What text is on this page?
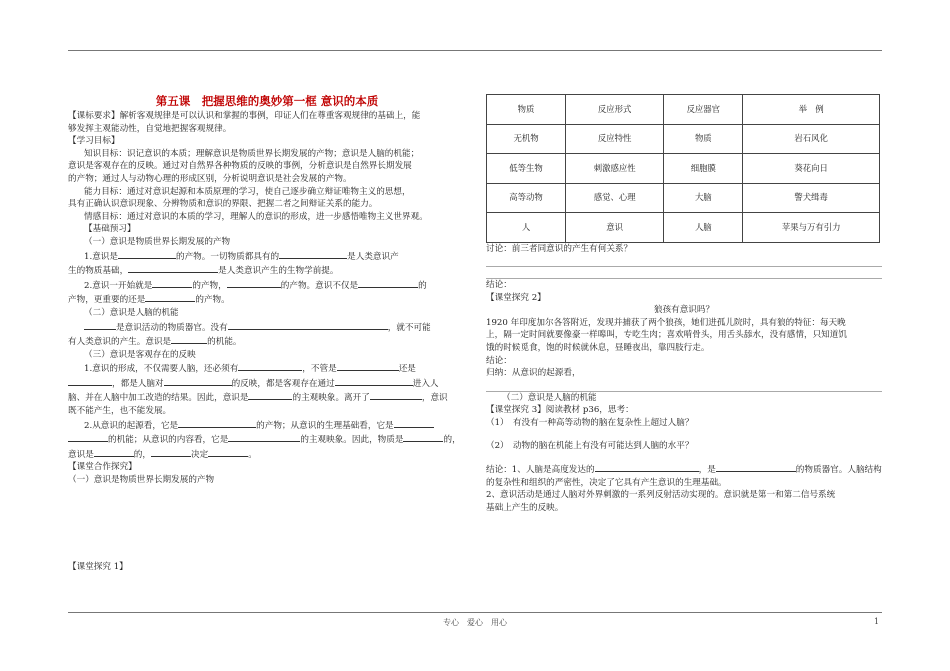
第五课　把握思维的奥妙第一框 意识的本质

【课标要求】解析客观规律是可以认识和掌握的事例，印证人们在尊重客观规律的基础上，能

够发挥主观能动性，自觉地把握客观规律。

【学习目标】

知识目标：识记意识的本质；理解意识是物质世界长期发展的产物；意识是人脑的机能；

意识是客观存在的反映。通过对自然界各种物质的反映的事例，分析意识是自然界长期发展

的产物；通过人与动物心理的形成区别，分析说明意识是社会发展的产物。

能力目标：通过对意识起源和本质原理的学习，使自己逐步确立辩证唯物主义的思想，

具有正确认识意识现象、分辨物质和意识的界限、把握二者之间辩证关系的能力。

情感目标：通过对意识的本质的学习，理解人的意识的形成，进一步感悟唯物主义世界观。

【基础预习】

（一）意识是物质世界长期发展的产物

1.意识是	的产物。一切物质都具有的	是人类意识产

生的物质基础，	是人类意识产生的生物学前提。

2.意识一开始就是	的产物，	的产物。意识不仅是	的

产物，更重要的还是	的产物。

（二）意识是人脑的机能

是意识活动的物质器官。没有	，就不可能

有人类意识的产生。意识是	的机能。

（三）意识是客观存在的反映

1.意识的形成，不仅需要人脑，还必须有	，不管是	还是

，都是人脑对	的反映，都是客观存在通过	进入人

脑、并在人脑中加工改造的结果。因此，意识是	的主观映象。离开了	，意识

既不能产生，也不能发展。

2.从意识的起源看，它是	的产物；从意识的生理基础看，它是

的机能；从意识的内容看，它是	的主观映象。因此，物质是	的，

意识是	的，	决定	。

【课堂合作探究】

（一）意识是物质世界长期发展的产物

【课堂探究 1】

物质	反应形式	反应器官	举　例
无机物	反应特性	物质	岩石风化
低等生物	刺激感应性	细胞膜	葵花向日
高等动物	感觉、心理	大脑	警犬缉毒
人	意识	人脑	苹果与万有引力

讨论：前三者同意识的产生有何关系？

结论：

【课堂探究 2】

狼孩有意识吗？

1920 年印度加尔各答附近，发现并捕获了两个狼孩，她们进孤儿院时，具有狼的特征：每天晚

上，隔一定时间就要像豪一样嗥叫，专吃生肉；喜欢啃骨头，用舌头舔水，没有感情，只知道饥

饿的时候觅食，饱的时候就休息，昼睡夜出，靠四肢行走。

结论：

归纳：从意识的起源看，

（二）意识是人脑的机能

【课堂探究 3】阅读教材 p36，思考：

（1）　有没有一种高等动物的脑在复杂性上超过人脑？

（2）　动物的脑在机能上有没有可能达到人脑的水平？

结论：1、人脑是高度发达的	，是	的物质器官。人脑结构

的复杂性和组织的严密性，决定了它具有产生意识的生理基础。

2、意识活动是通过人脑对外界刺激的一系列反射活动实现的。意识就是第一和第二信号系统

基础上产生的反映。

专心　爱心　用心	1
